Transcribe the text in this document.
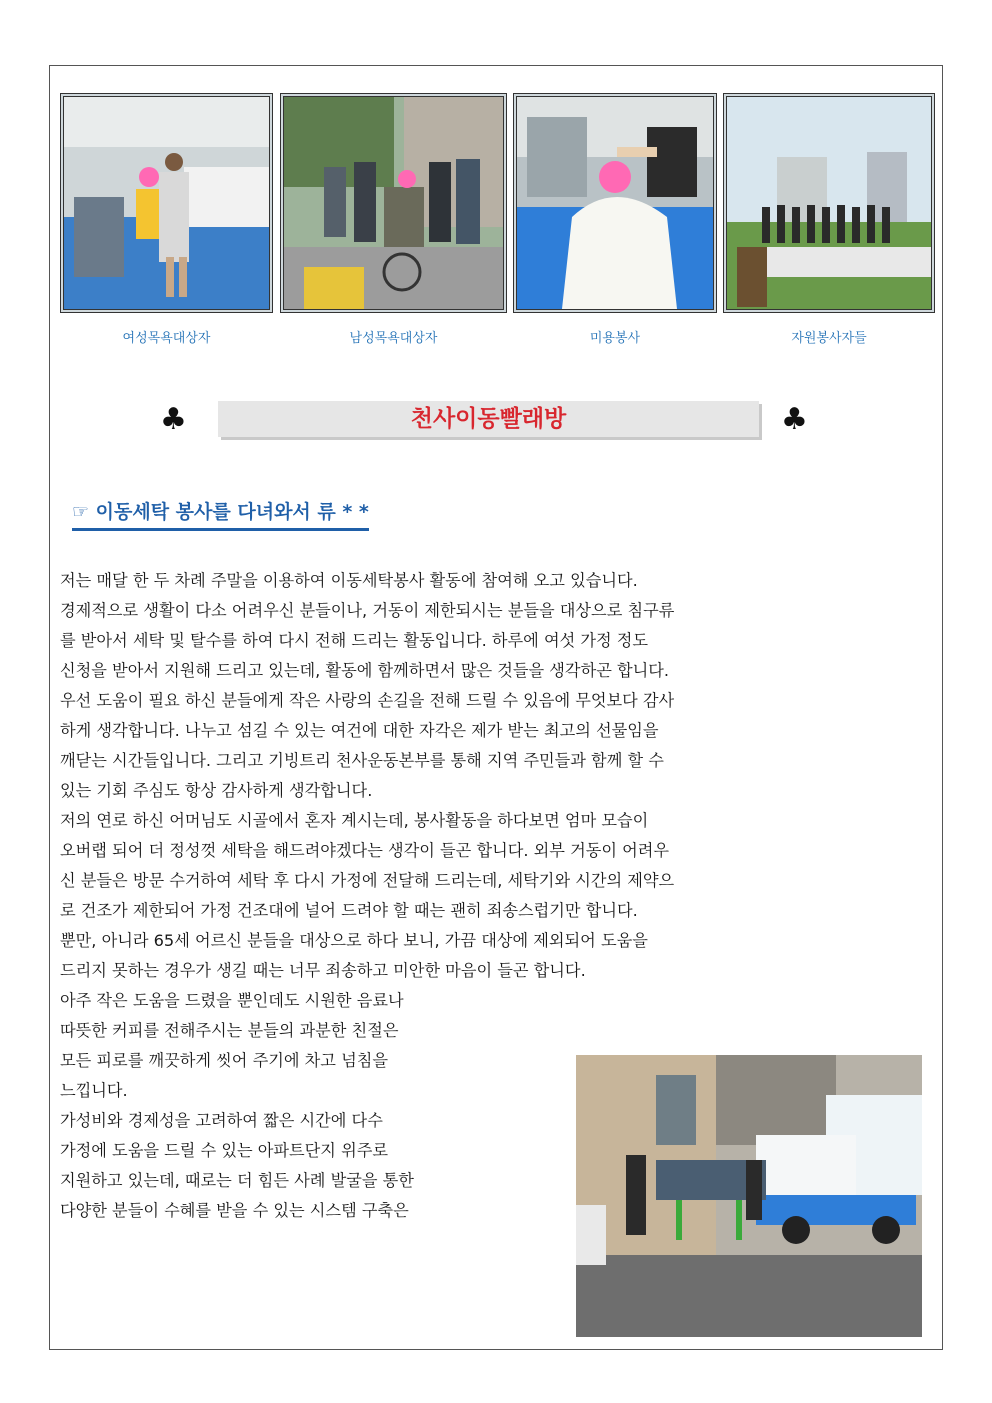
여성목욕대상자	남성목욕대상자	미용봉사	자원봉사자들
♣	천사이동빨래방	♣
☞ 이동세탁 봉사를 다녀와서 류 * *
저는 매달 한 두 차례 주말을 이용하여 이동세탁봉사 활동에 참여해 오고 있습니다.
경제적으로 생활이 다소 어려우신 분들이나, 거동이 제한되시는 분들을 대상으로 침구류
를 받아서 세탁 및 탈수를 하여 다시 전해 드리는 활동입니다. 하루에 여섯 가정 정도
신청을 받아서 지원해 드리고 있는데, 활동에 함께하면서 많은 것들을 생각하곤 합니다.
우선 도움이 필요 하신 분들에게 작은 사랑의 손길을 전해 드릴 수 있음에 무엇보다 감사
하게 생각합니다. 나누고 섬길 수 있는 여건에 대한 자각은 제가 받는 최고의 선물임을
깨닫는 시간들입니다. 그리고 기빙트리 천사운동본부를 통해 지역 주민들과 함께 할 수
있는 기회 주심도 항상 감사하게 생각합니다.
저의 연로 하신 어머님도 시골에서 혼자 계시는데, 봉사활동을 하다보면 엄마 모습이
오버랩 되어 더 정성껏 세탁을 해드려야겠다는 생각이 들곤 합니다. 외부 거동이 어려우
신 분들은 방문 수거하여 세탁 후 다시 가정에 전달해 드리는데, 세탁기와 시간의 제약으
로 건조가 제한되어 가정 건조대에 널어 드려야 할 때는 괜히 죄송스럽기만 합니다.
뿐만, 아니라 65세 어르신 분들을 대상으로 하다 보니, 가끔 대상에 제외되어 도움을
드리지 못하는 경우가 생길 때는 너무 죄송하고 미안한 마음이 들곤 합니다.
아주 작은 도움을 드렸을 뿐인데도 시원한 음료나
따뜻한 커피를 전해주시는 분들의 과분한 친절은
모든 피로를 깨끗하게 씻어 주기에 차고 넘침을
느낍니다.
가성비와 경제성을 고려하여 짧은 시간에 다수
가정에 도움을 드릴 수 있는 아파트단지 위주로
지원하고 있는데, 때로는 더 힘든 사례 발굴을 통한
다양한 분들이 수혜를 받을 수 있는 시스템 구축은
